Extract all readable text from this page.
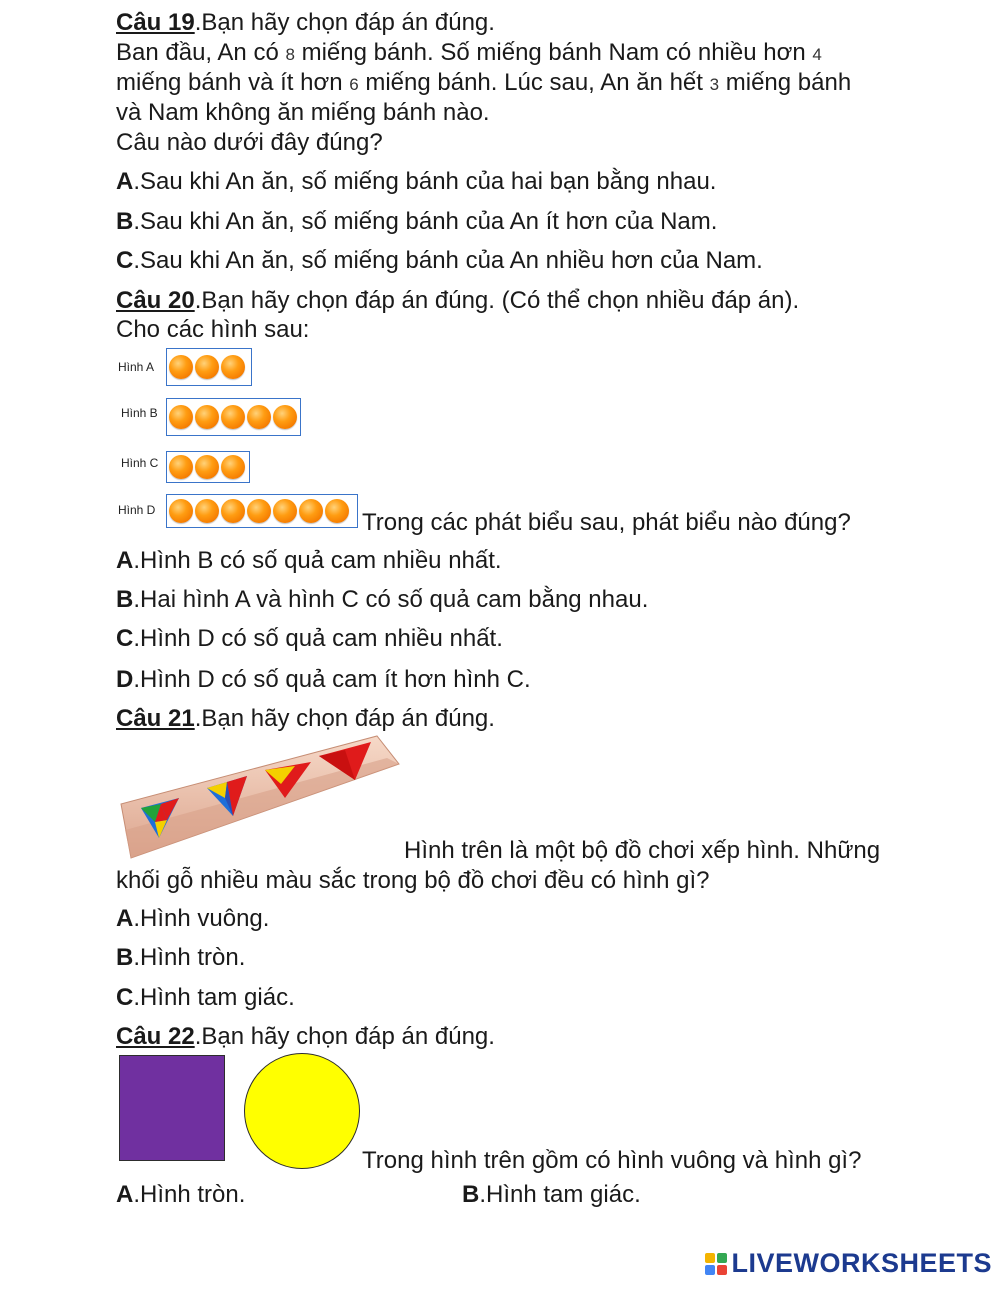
Câu 19.Bạn hãy chọn đáp án đúng.
Ban đầu, An có 8 miếng bánh. Số miếng bánh Nam có nhiều hơn 4
miếng bánh và ít hơn 6 miếng bánh. Lúc sau, An ăn hết 3 miếng bánh
và Nam không ăn miếng bánh nào.
Câu nào dưới đây đúng?
A.Sau khi An ăn, số miếng bánh của hai bạn bằng nhau.
B.Sau khi An ăn, số miếng bánh của An ít hơn của Nam.
C.Sau khi An ăn, số miếng bánh của An nhiều hơn của Nam.
Câu 20.Bạn hãy chọn đáp án đúng. (Có thể chọn nhiều đáp án).
Cho các hình sau:
Hình A
Hình B
Hình C
Hình D	Trong các phát biểu sau, phát biểu nào đúng?
A.Hình B có số quả cam nhiều nhất.
B.Hai hình A và hình C có số quả cam bằng nhau.
C.Hình D có số quả cam nhiều nhất.
D.Hình D có số quả cam ít hơn hình C.
Câu 21.Bạn hãy chọn đáp án đúng.
Hình trên là một bộ đồ chơi xếp hình. Những
khối gỗ nhiều màu sắc trong bộ đồ chơi đều có hình gì?
A.Hình vuông.
B.Hình tròn.
C.Hình tam giác.
Câu 22.Bạn hãy chọn đáp án đúng.
Trong hình trên gồm có hình vuông và hình gì?
A.Hình tròn.	B.Hình tam giác.
LIVEWORKSHEETS
